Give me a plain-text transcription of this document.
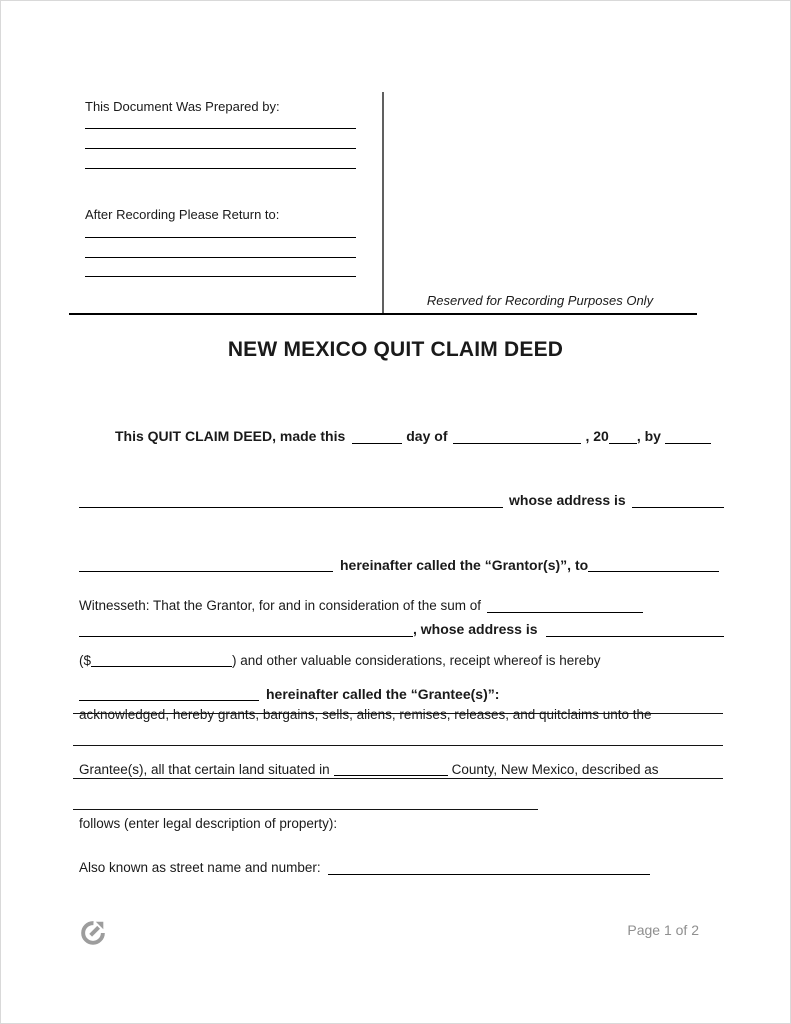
This Document Was Prepared by:
After Recording Please Return to:
Reserved for Recording Purposes Only
NEW MEXICO QUIT CLAIM DEED

This QUIT CLAIM DEED, made this	day of	, 20 , by

whose address is

hereinafter called the “Grantor(s)”, to

, whose address is

hereinafter called the “Grantee(s)”:

Witnesseth: That the Grantor, for and in consideration of the sum of

($	) and other valuable considerations, receipt whereof is hereby

acknowledged, hereby grants, bargains, sells, aliens, remises, releases, and quitclaims unto the

Grantee(s), all that certain land situated in	County, New Mexico, described as

follows (enter legal description of property):

Also known as street name and number:
Page 1 of 2
